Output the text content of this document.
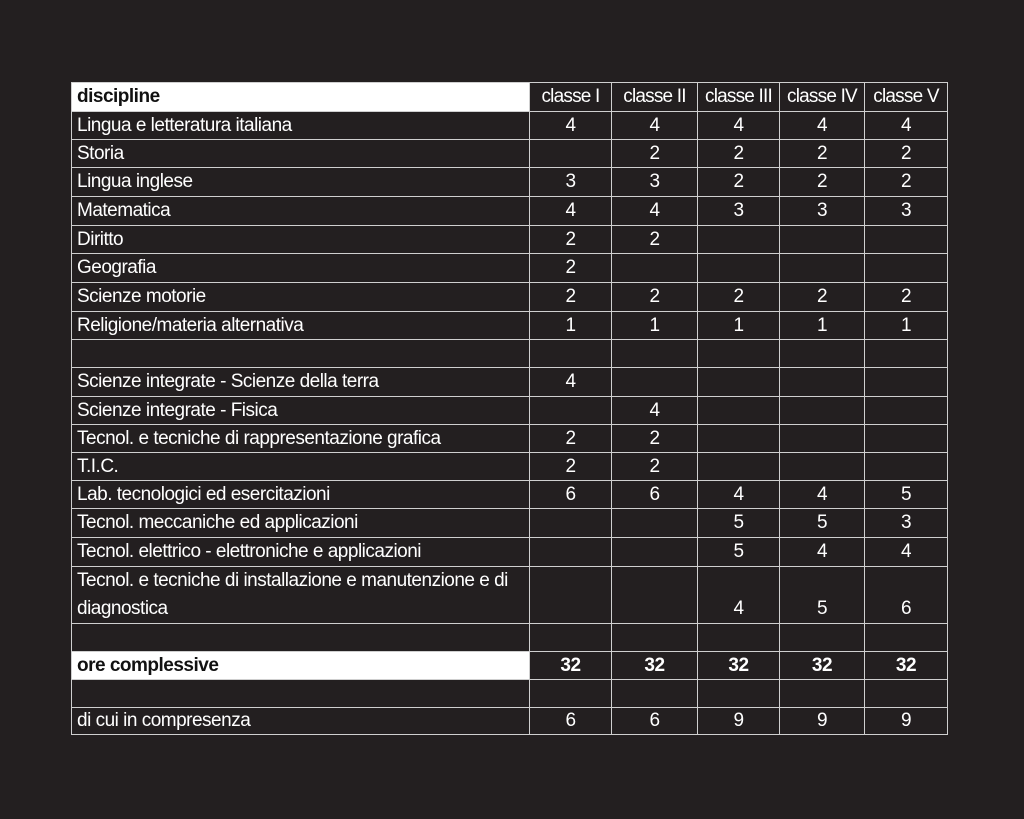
discipline	classe I	classe II	classe III	classe IV	classe V
Lingua e letteratura italiana	4	4	4	4	4
Storia		2	2	2	2
Lingua inglese	3	3	2	2	2
Matematica	4	4	3	3	3
Diritto	2	2			
Geografia	2				
Scienze motorie	2	2	2	2	2
Religione/materia alternativa	1	1	1	1	1

Scienze integrate - Scienze della terra	4				
Scienze integrate - Fisica		4			
Tecnol. e tecniche di rappresentazione grafica	2	2			
T.I.C.	2	2			
Lab. tecnologici ed esercitazioni	6	6	4	4	5
Tecnol. meccaniche ed applicazioni			5	5	3
Tecnol. elettrico - elettroniche e applicazioni			5	4	4
Tecnol. e tecniche di installazione e manutenzione e di diagnostica			4	5	6

ore complessive	32	32	32	32	32

di cui in compresenza	6	6	9	9	9
